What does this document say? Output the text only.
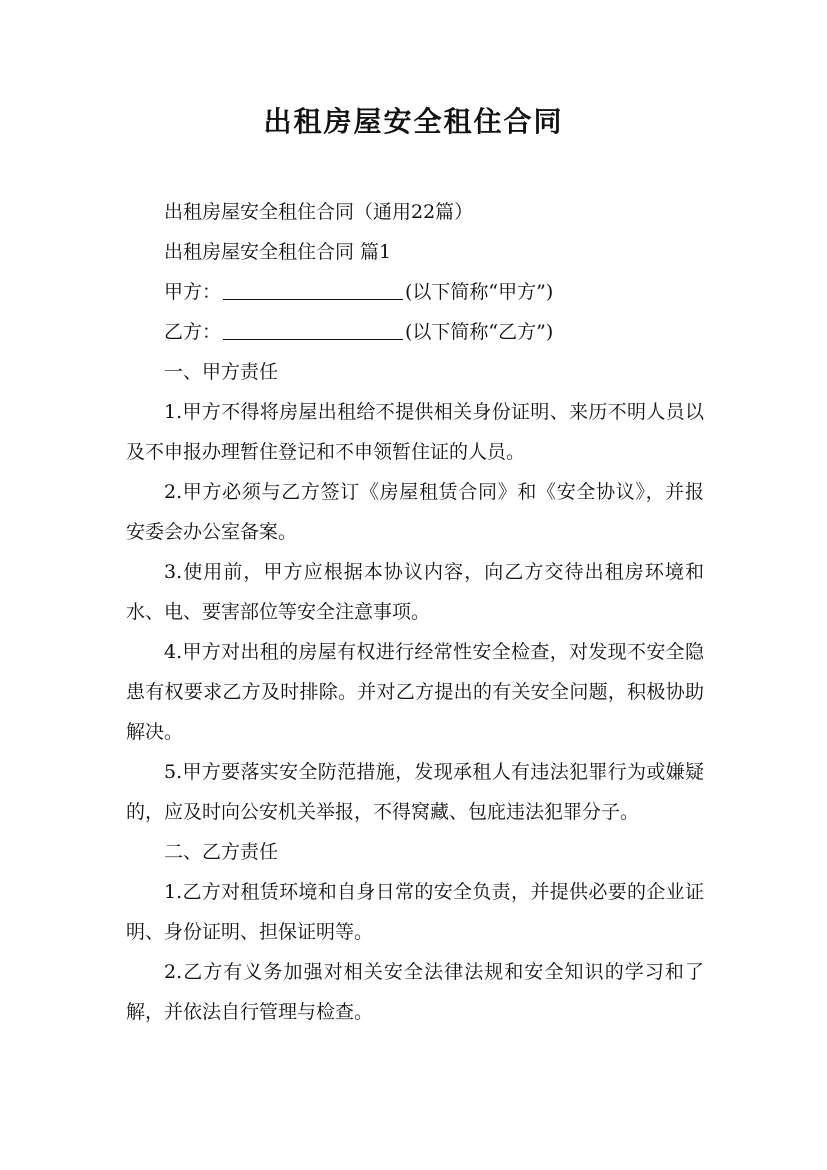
出租房屋安全租住合同

出租房屋安全租住合同（通用22篇）

出租房屋安全租住合同 篇1

甲方：	(以下简称“甲方”)

乙方：	(以下简称“乙方”)

一、甲方责任

1.甲方不得将房屋出租给不提供相关身份证明、来历不明人员以及不申报办理暂住登记和不申领暂住证的人员。

2.甲方必须与乙方签订《房屋租赁合同》和《安全协议》，并报安委会办公室备案。

3.使用前，甲方应根据本协议内容，向乙方交待出租房环境和水、电、要害部位等安全注意事项。

4.甲方对出租的房屋有权进行经常性安全检查，对发现不安全隐患有权要求乙方及时排除。并对乙方提出的有关安全问题，积极协助解决。

5.甲方要落实安全防范措施，发现承租人有违法犯罪行为或嫌疑的，应及时向公安机关举报，不得窝藏、包庇违法犯罪分子。

二、乙方责任

1.乙方对租赁环境和自身日常的安全负责，并提供必要的企业证明、身份证明、担保证明等。

2.乙方有义务加强对相关安全法律法规和安全知识的学习和了解，并依法自行管理与检查。
